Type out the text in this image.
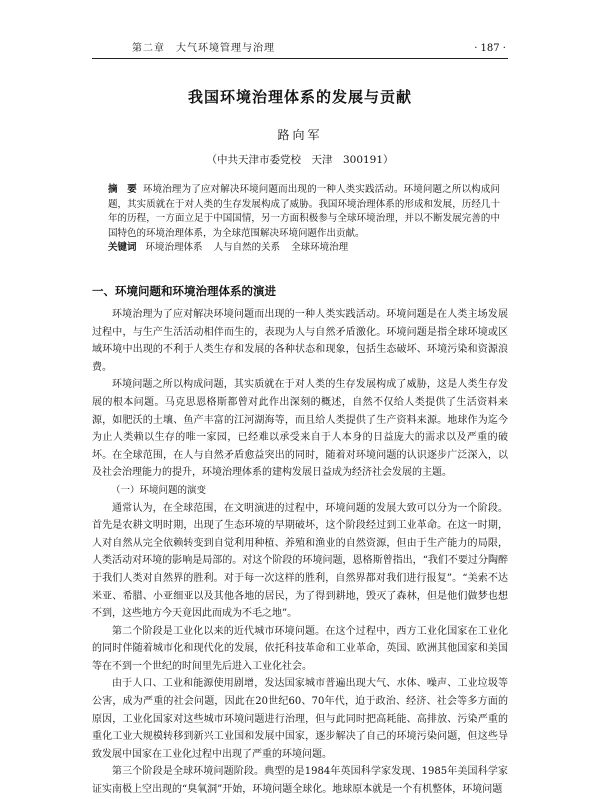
第二章　大气环境管理与治理	· 187 ·
我国环境治理体系的发展与贡献
路向军
（中共天津市委党校　天津　300191）
摘　要 环境治理为了应对解决环境问题而出现的一种人类实践活动。环境问题之所以构成问题，其实质就在于对人类的生存发展构成了威胁。我国环境治理体系的形成和发展，历经几十年的历程，一方面立足于中国国情，另一方面积极参与全球环境治理，并以不断发展完善的中国特色的环境治理体系，为全球范围解决环境问题作出贡献。
关键词 环境治理体系 人与自然的关系 全球环境治理
一、环境问题和环境治理体系的演进

环境治理为了应对解决环境问题而出现的一种人类实践活动。环境问题是在人类主场发展过程中，与生产生活活动相伴而生的，表现为人与自然矛盾激化。环境问题是指全球环境或区域环境中出现的不利于人类生存和发展的各种状态和现象，包括生态破坏、环境污染和资源浪费。

环境问题之所以构成问题，其实质就在于对人类的生存发展构成了威胁，这是人类生存发展的根本问题。马克思恩格斯都曾对此作出深刻的概述，自然不仅给人类提供了生活资料来源，如肥沃的土壤、鱼产丰富的江河湖海等，而且给人类提供了生产资料来源。地球作为迄今为止人类赖以生存的唯一家园，已经难以承受来自于人本身的日益庞大的需求以及严重的破坏。在全球范围，在人与自然矛盾愈益突出的同时，随着对环境问题的认识逐步广泛深入，以及社会治理能力的提升，环境治理体系的建构发展日益成为经济社会发展的主题。

（一）环境问题的演变

通常认为，在全球范围，在文明演进的过程中，环境问题的发展大致可以分为一个阶段。首先是农耕文明时期，出现了生态环境的早期破坏，这个阶段经过到工业革命。在这一时期，人对自然从完全依赖转变到自觉利用种植、养殖和渔业的自然资源，但由于生产能力的局限，人类活动对环境的影响是局部的。对这个阶段的环境问题，恩格斯曾指出，“我们不要过分陶醉于我们人类对自然界的胜利。对于每一次这样的胜利，自然界都对我们进行报复”。“美索不达米亚、希腊、小亚细亚以及其他各地的居民，为了得到耕地，毁灭了森林，但是他们做梦也想不到，这些地方今天竟因此而成为不毛之地”。

第二个阶段是工业化以来的近代城市环境问题。在这个过程中，西方工业化国家在工业化的同时伴随着城市化和现代化的发展，依托科技革命和工业革命，英国、欧洲其他国家和美国等在不到一个世纪的时间里先后进入工业化社会。

由于人口、工业和能源使用剧增，发达国家城市普遍出现大气、水体、噪声、工业垃圾等公害，成为严重的社会问题，因此在20世纪60、70年代，迫于政治、经济、社会等多方面的原因，工业化国家对这些城市环境问题进行治理，但与此同时把高耗能、高排放、污染严重的重化工业大规模转移到新兴工业国和发展中国家，逐步解决了自己的环境污染问题，但这些导致发展中国家在工业化过程中出现了严重的环境问题。

第三个阶段是全球环境问题阶段。典型的是1984年英国科学家发现、1985年美国科学家证实南极上空出现的“臭氧洞”开始，环境问题全球化。地球原本就是一个有机整体，环境问题
